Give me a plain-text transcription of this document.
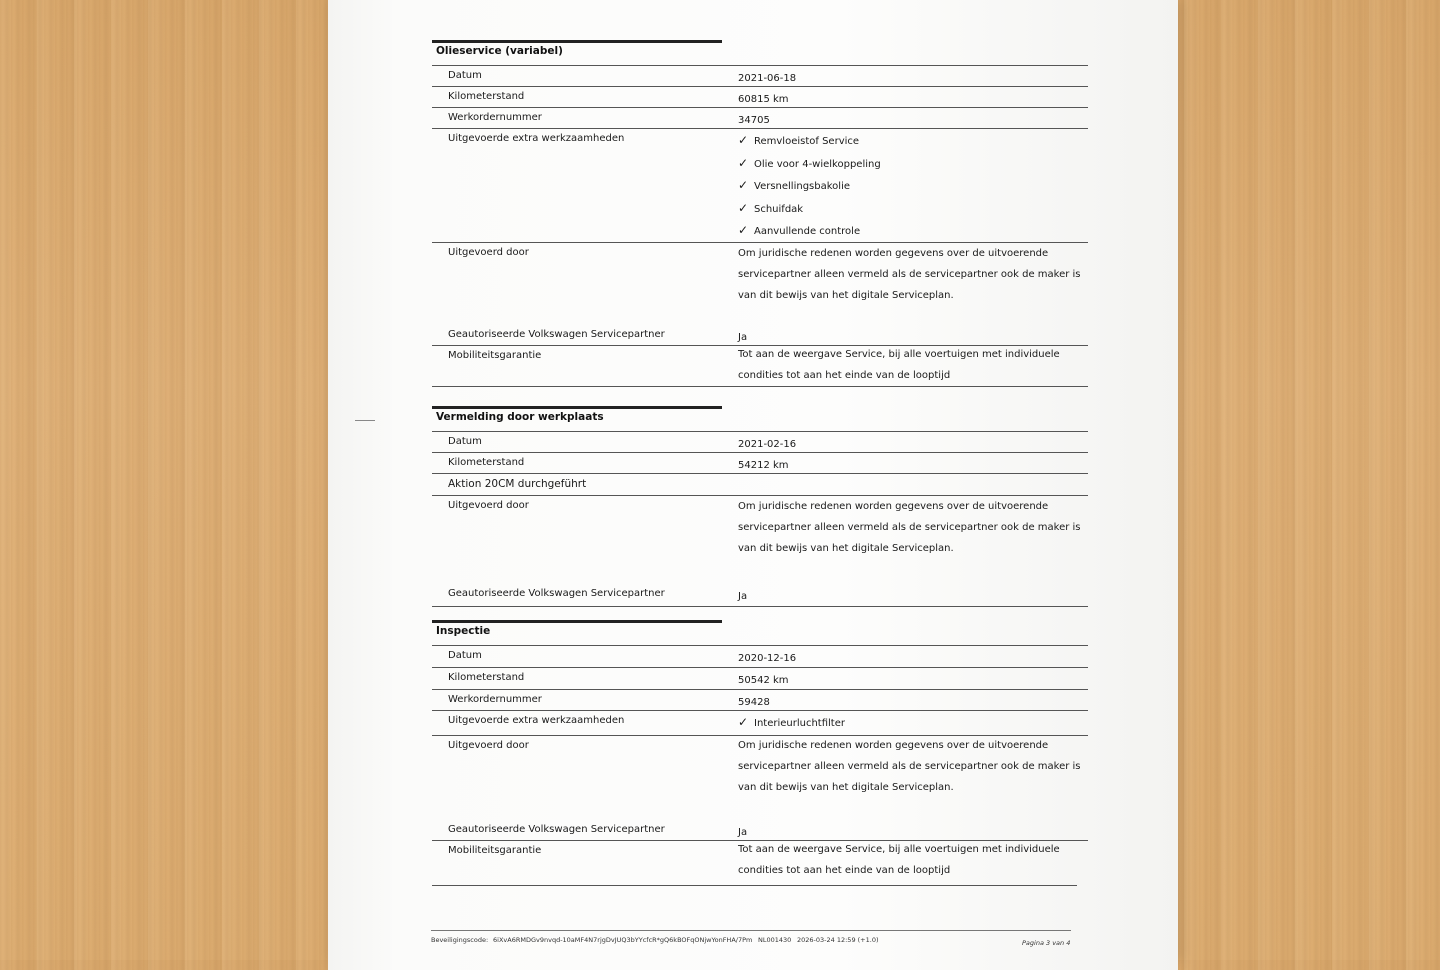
Olieservice (variabel)
Datum	2021-06-18
Kilometerstand	60815 km
Werkordernummer	34705
Uitgevoerde extra werkzaamheden	✓ Remvloeistof Service
✓ Olie voor 4-wielkoppeling
✓ Versnellingsbakolie
✓ Schuifdak
✓ Aanvullende controle
Uitgevoerd door	Om juridische redenen worden gegevens over de uitvoerende servicepartner alleen vermeld als de servicepartner ook de maker is van dit bewijs van het digitale Serviceplan.
Geautoriseerde Volkswagen Servicepartner	Ja
Mobiliteitsgarantie	Tot aan de weergave Service, bij alle voertuigen met individuele condities tot aan het einde van de looptijd
Vermelding door werkplaats
Datum	2021-02-16
Kilometerstand	54212 km
Aktion 20CM durchgeführt
Uitgevoerd door	Om juridische redenen worden gegevens over de uitvoerende servicepartner alleen vermeld als de servicepartner ook de maker is van dit bewijs van het digitale Serviceplan.
Geautoriseerde Volkswagen Servicepartner	Ja
Inspectie
Datum	2020-12-16
Kilometerstand	50542 km
Werkordernummer	59428
Uitgevoerde extra werkzaamheden	✓ Interieurluchtfilter
Uitgevoerd door	Om juridische redenen worden gegevens over de uitvoerende servicepartner alleen vermeld als de servicepartner ook de maker is van dit bewijs van het digitale Serviceplan.
Geautoriseerde Volkswagen Servicepartner	Ja
Mobiliteitsgarantie	Tot aan de weergave Service, bij alle voertuigen met individuele condities tot aan het einde van de looptijd
Beveiligingscode: 6iXvA6RMDGv9nvqd-10aMF4N7rjgDvJUQ3bYYcfcR*gQ6kBOFqONjwYonFHA/7Pm NL001430 2026-03-24 12:59 (+1.0)	Pagina 3 van 4
